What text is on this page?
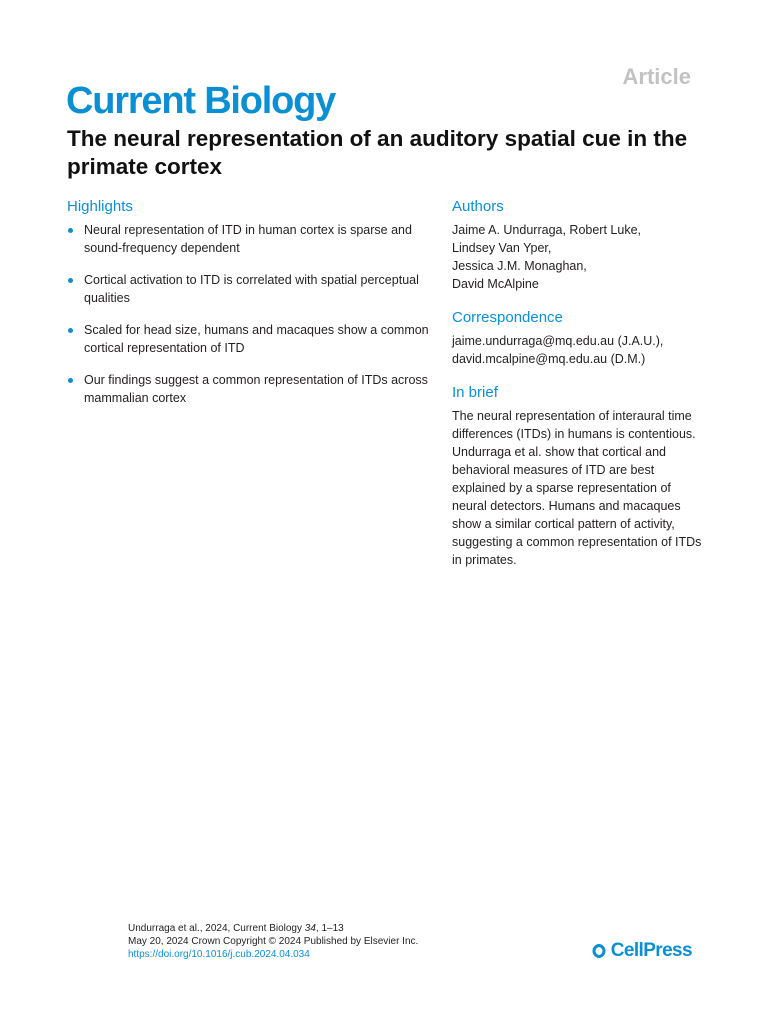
Article
Current Biology
The neural representation of an auditory spatial cue in the primate cortex
Highlights
Neural representation of ITD in human cortex is sparse and sound-frequency dependent
Cortical activation to ITD is correlated with spatial perceptual qualities
Scaled for head size, humans and macaques show a common cortical representation of ITD
Our findings suggest a common representation of ITDs across mammalian cortex
Authors

Jaime A. Undurraga, Robert Luke,
Lindsey Van Yper,
Jessica J.M. Monaghan,
David McAlpine

Correspondence

jaime.undurraga@mq.edu.au (J.A.U.),
david.mcalpine@mq.edu.au (D.M.)

In brief

The neural representation of interaural time differences (ITDs) in humans is contentious. Undurraga et al. show that cortical and behavioral measures of ITD are best explained by a sparse representation of neural detectors. Humans and macaques show a similar cortical pattern of activity, suggesting a common representation of ITDs in primates.

Undurraga et al., 2024, Current Biology 34, 1–13
May 20, 2024 Crown Copyright © 2024 Published by Elsevier Inc.
https://doi.org/10.1016/j.cub.2024.04.034	CellPress
